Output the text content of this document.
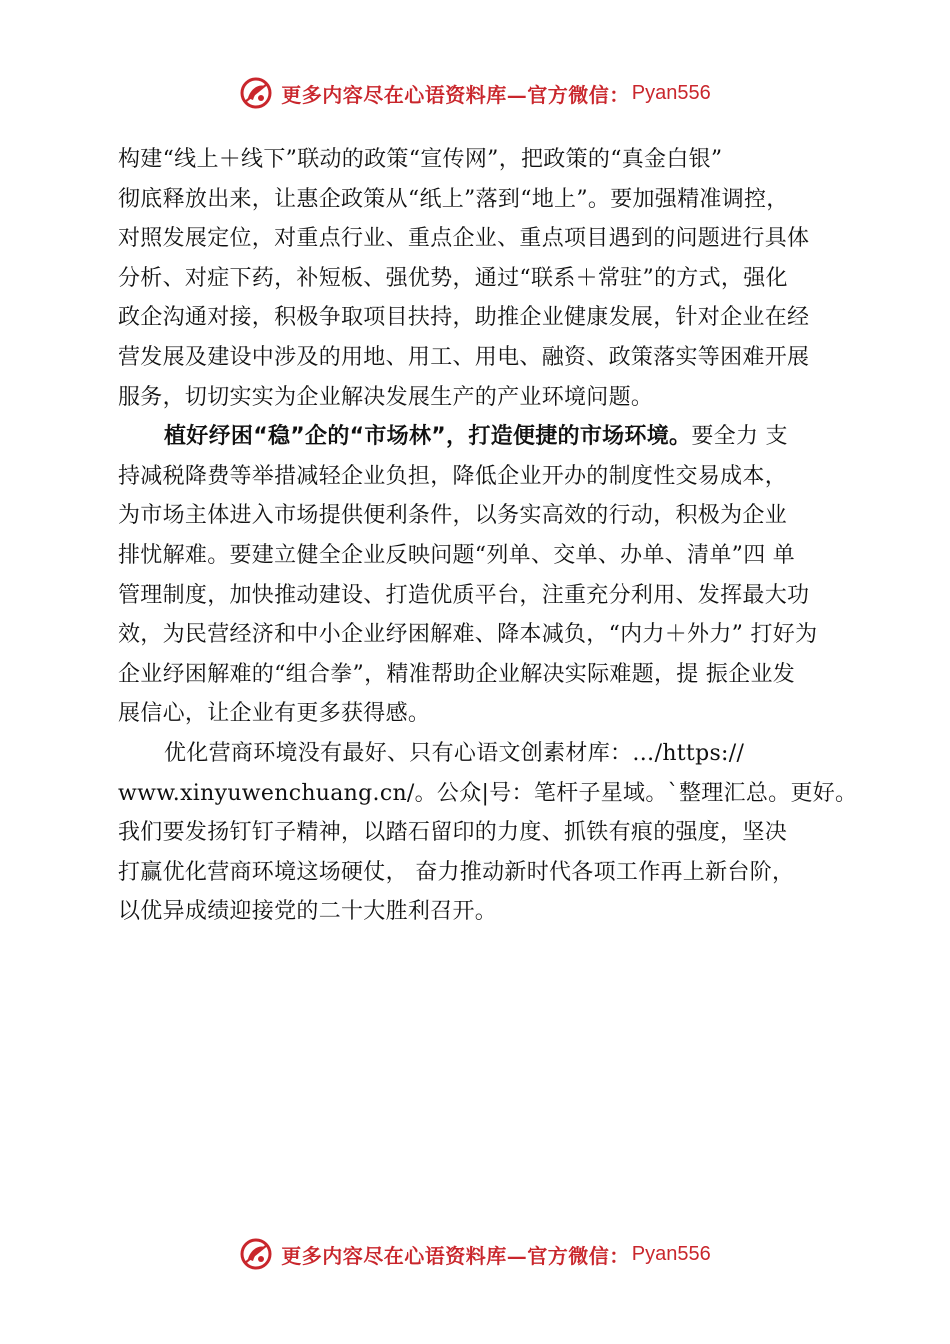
更多内容尽在心语资料库—官方微信： Pyan556
构建“线上＋线下”联动的政策“宣传网”，把政策的“真金白银”
彻底释放出来，让惠企政策从“纸上”落到“地上”。要加强精准调控，
对照发展定位，对重点行业、重点企业、重点项目遇到的问题进行具体
分析、对症下药，补短板、强优势，通过“联系＋常驻”的方式，强化
政企沟通对接，积极争取项目扶持，助推企业健康发展，针对企业在经
营发展及建设中涉及的用地、用工、用电、融资、政策落实等困难开展
服务，切切实实为企业解决发展生产的产业环境问题。
植好纾困“稳”企的“市场林”，打造便捷的市场环境。要全力 支
持减税降费等举措减轻企业负担，降低企业开办的制度性交易成本，
为市场主体进入市场提供便利条件，以务实高效的行动，积极为企业
排忧解难。要建立健全企业反映问题“列单、交单、办单、清单”四 单
管理制度，加快推动建设、打造优质平台，注重充分利用、发挥最大功
效，为民营经济和中小企业纾困解难、降本减负，“内力＋外力” 打好为
企业纾困解难的“组合拳”，精准帮助企业解决实际难题，提 振企业发
展信心，让企业有更多获得感。
优化营商环境没有最好、只有心语文创素材库：…/https://
www.xinyuwenchuang.cn/。公众|号：笔杆子星域。`整理汇总。更好。
我们要发扬钉钉子精神，以踏石留印的力度、抓铁有痕的强度，坚决
打赢优化营商环境这场硬仗， 奋力推动新时代各项工作再上新台阶，
以优异成绩迎接党的二十大胜利召开。
更多内容尽在心语资料库—官方微信： Pyan556
